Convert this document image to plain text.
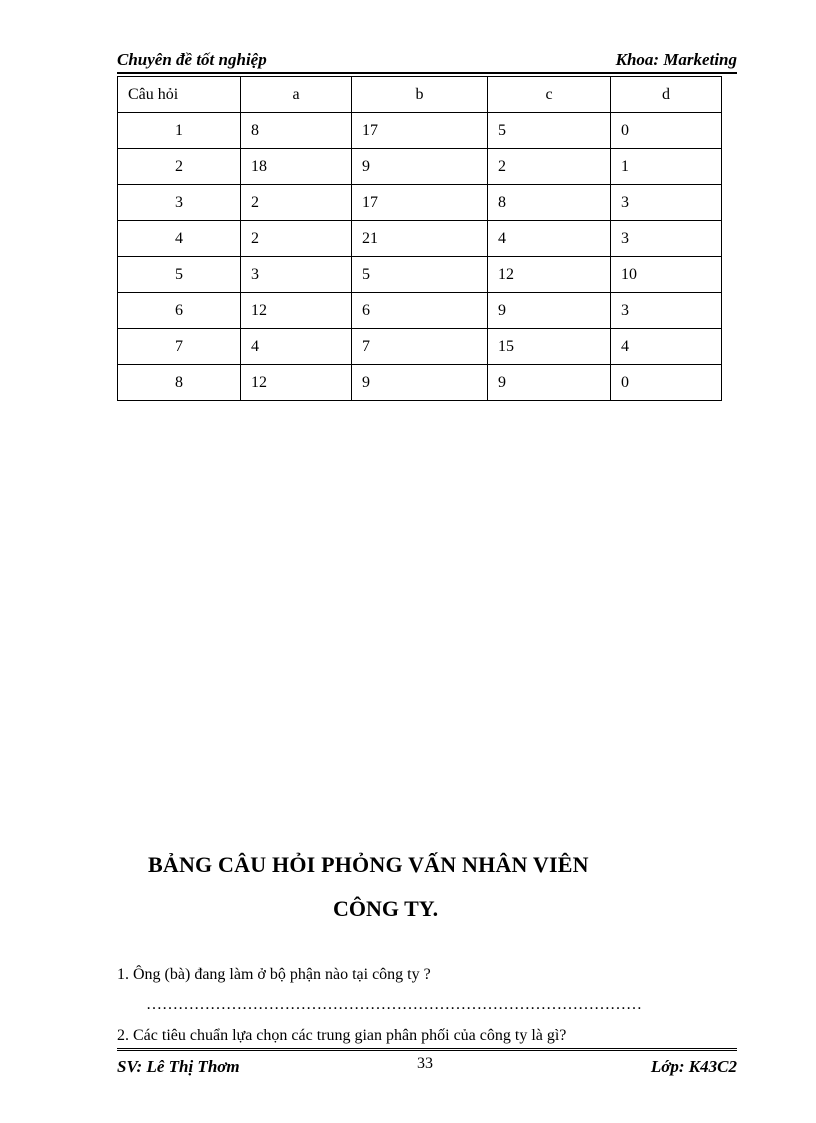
Chuyên đề tốt nghiệp	Khoa: Marketing
Câu hỏi	a	b	c	d
1	8	17	5	0
2	18	9	2	1
3	2	17	8	3
4	2	21	4	3
5	3	5	12	10
6	12	6	9	3
7	4	7	15	4
8	12	9	9	0
BẢNG CÂU HỎI PHỎNG VẤN NHÂN VIÊN
CÔNG TY.
1. Ông (bà) đang làm ở bộ phận nào tại công ty ?
…………………………………………………………………………………
2. Các tiêu chuẩn lựa chọn các trung gian phân phối của công ty là gì?
SV: Lê Thị Thơm	33	Lớp: K43C2
